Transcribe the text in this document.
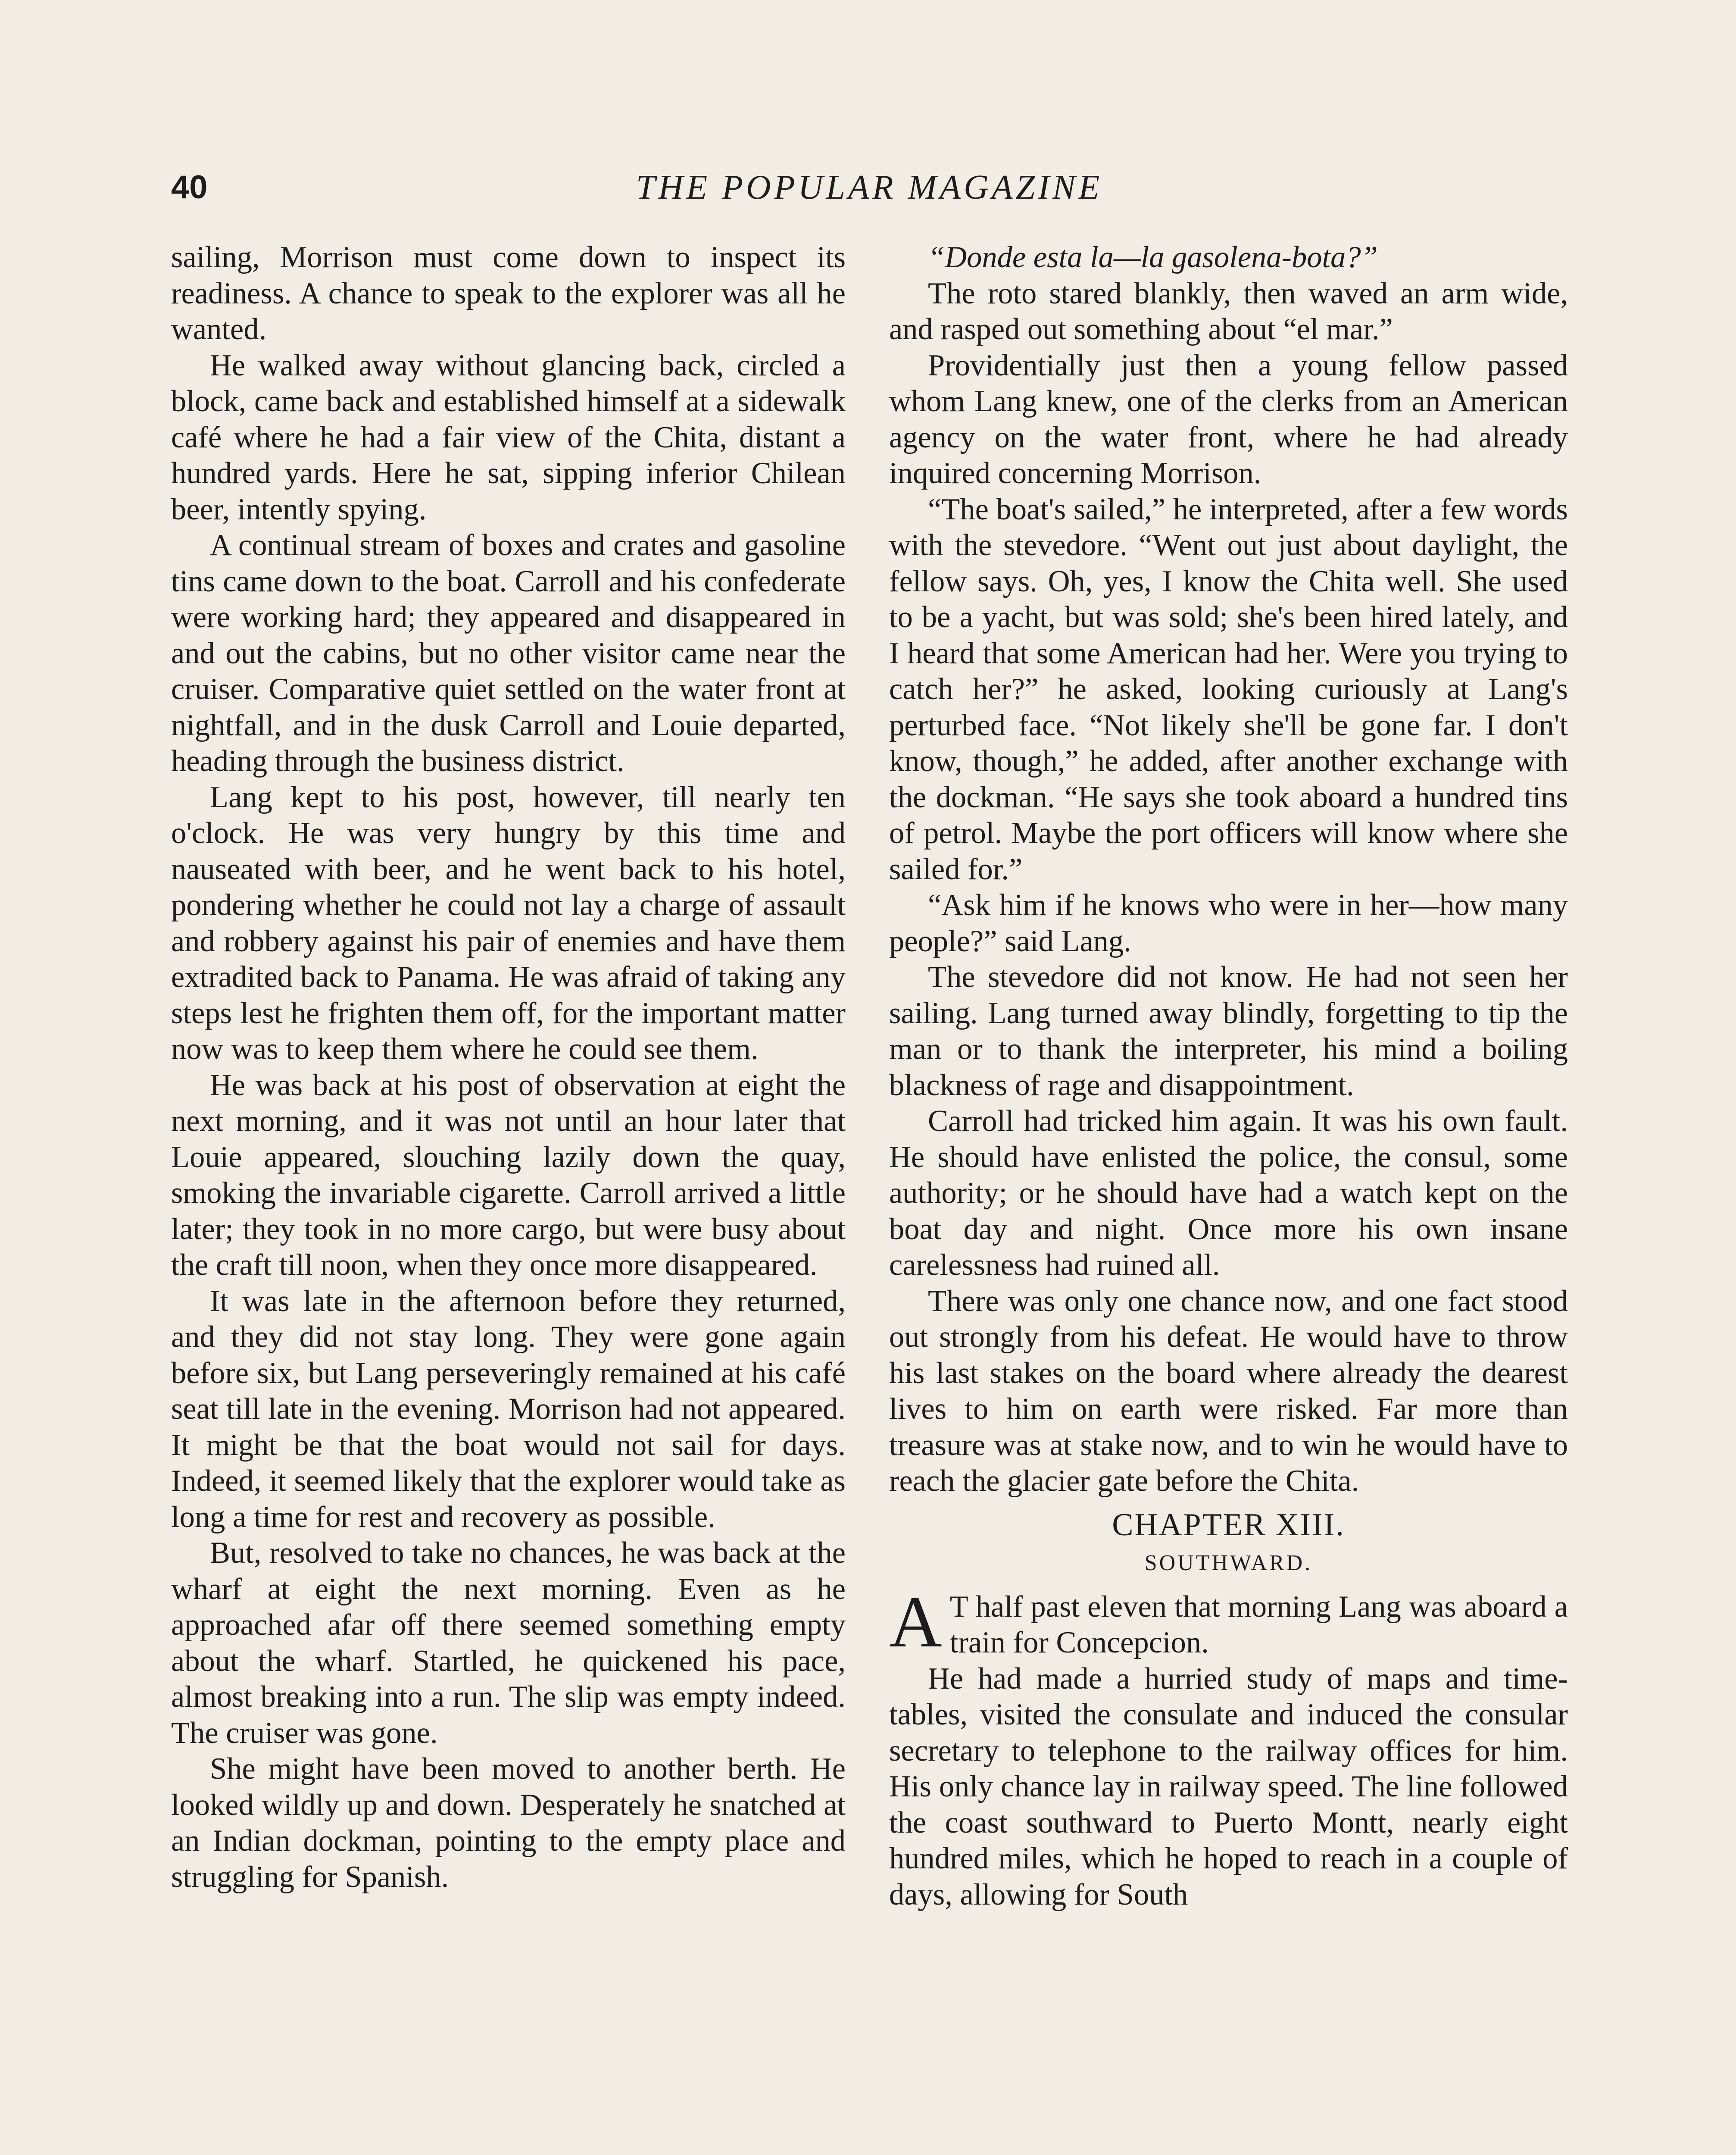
40	THE POPULAR MAGAZINE

sailing, Morrison must come down to inspect its readiness. A chance to speak to the explorer was all he wanted.

He walked away without glancing back, circled a block, came back and established himself at a sidewalk café where he had a fair view of the Chita, distant a hundred yards. Here he sat, sipping inferior Chilean beer, intently spying.

A continual stream of boxes and crates and gasoline tins came down to the boat. Carroll and his confederate were working hard; they appeared and disappeared in and out the cabins, but no other visitor came near the cruiser. Comparative quiet settled on the water front at nightfall, and in the dusk Carroll and Louie departed, heading through the business district.

Lang kept to his post, however, till nearly ten o'clock. He was very hungry by this time and nauseated with beer, and he went back to his hotel, pondering whether he could not lay a charge of assault and robbery against his pair of enemies and have them extradited back to Panama. He was afraid of taking any steps lest he frighten them off, for the important matter now was to keep them where he could see them.

He was back at his post of observation at eight the next morning, and it was not until an hour later that Louie appeared, slouching lazily down the quay, smoking the invariable cigarette. Carroll arrived a little later; they took in no more cargo, but were busy about the craft till noon, when they once more disappeared.

It was late in the afternoon before they returned, and they did not stay long. They were gone again before six, but Lang perseveringly remained at his café seat till late in the evening. Morrison had not appeared. It might be that the boat would not sail for days. Indeed, it seemed likely that the explorer would take as long a time for rest and recovery as possible.

But, resolved to take no chances, he was back at the wharf at eight the next morning. Even as he approached afar off there seemed something empty about the wharf. Startled, he quickened his pace, almost breaking into a run. The slip was empty indeed. The cruiser was gone.

She might have been moved to another berth. He looked wildly up and down. Desperately he snatched at an Indian dockman, pointing to the empty place and struggling for Spanish.

“Donde esta la—la gasolena-bota?”

The roto stared blankly, then waved an arm wide, and rasped out something about “el mar.”

Providentially just then a young fellow passed whom Lang knew, one of the clerks from an American agency on the water front, where he had already inquired concerning Morrison.

“The boat's sailed,” he interpreted, after a few words with the stevedore. “Went out just about daylight, the fellow says. Oh, yes, I know the Chita well. She used to be a yacht, but was sold; she's been hired lately, and I heard that some American had her. Were you trying to catch her?” he asked, looking curiously at Lang's perturbed face. “Not likely she'll be gone far. I don't know, though,” he added, after another exchange with the dockman. “He says she took aboard a hundred tins of petrol. Maybe the port officers will know where she sailed for.”

“Ask him if he knows who were in her—how many people?” said Lang.

The stevedore did not know. He had not seen her sailing. Lang turned away blindly, forgetting to tip the man or to thank the interpreter, his mind a boiling blackness of rage and disappointment.

Carroll had tricked him again. It was his own fault. He should have enlisted the police, the consul, some authority; or he should have had a watch kept on the boat day and night. Once more his own insane carelessness had ruined all.

There was only one chance now, and one fact stood out strongly from his defeat. He would have to throw his last stakes on the board where already the dearest lives to him on earth were risked. Far more than treasure was at stake now, and to win he would have to reach the glacier gate before the Chita.

CHAPTER XIII.
SOUTHWARD.

A T half past eleven that morning Lang was aboard a train for Concepcion.

He had made a hurried study of maps and time-tables, visited the consulate and induced the consular secretary to telephone to the railway offices for him. His only chance lay in railway speed. The line followed the coast southward to Puerto Montt, nearly eight hundred miles, which he hoped to reach in a couple of days, allowing for South
